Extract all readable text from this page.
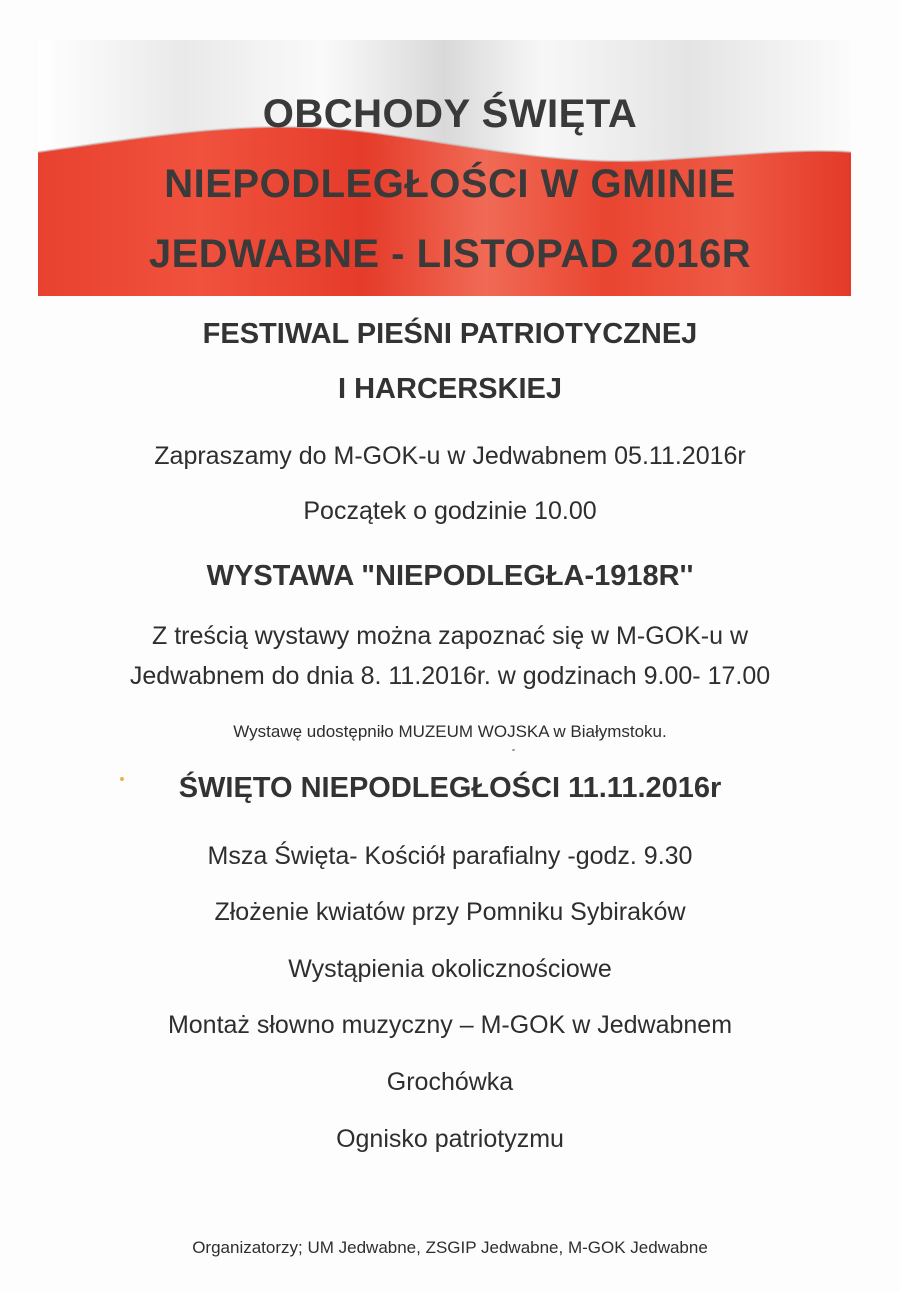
OBCHODY ŚWIĘTA
NIEPODLEGŁOŚCI W GMINIE
JEDWABNE - LISTOPAD 2016R
FESTIWAL PIEŚNI PATRIOTYCZNEJ
I HARCERSKIEJ
Zapraszamy do M-GOK-u w Jedwabnem 05.11.2016r
Początek o godzinie 10.00
WYSTAWA "NIEPODLEGŁA-1918R''
Z treścią wystawy można zapoznać się w M-GOK-u w
Jedwabnem do dnia 8. 11.2016r. w godzinach 9.00- 17.00
Wystawę udostępniło MUZEUM WOJSKA w Białymstoku.
ŚWIĘTO NIEPODLEGŁOŚCI 11.11.2016r
Msza Święta- Kościół parafialny -godz. 9.30
Złożenie kwiatów przy Pomniku Sybiraków
Wystąpienia okolicznościowe
Montaż słowno muzyczny – M-GOK w Jedwabnem
Grochówka
Ognisko patriotyzmu
Organizatorzy; UM Jedwabne, ZSGIP Jedwabne, M-GOK Jedwabne
